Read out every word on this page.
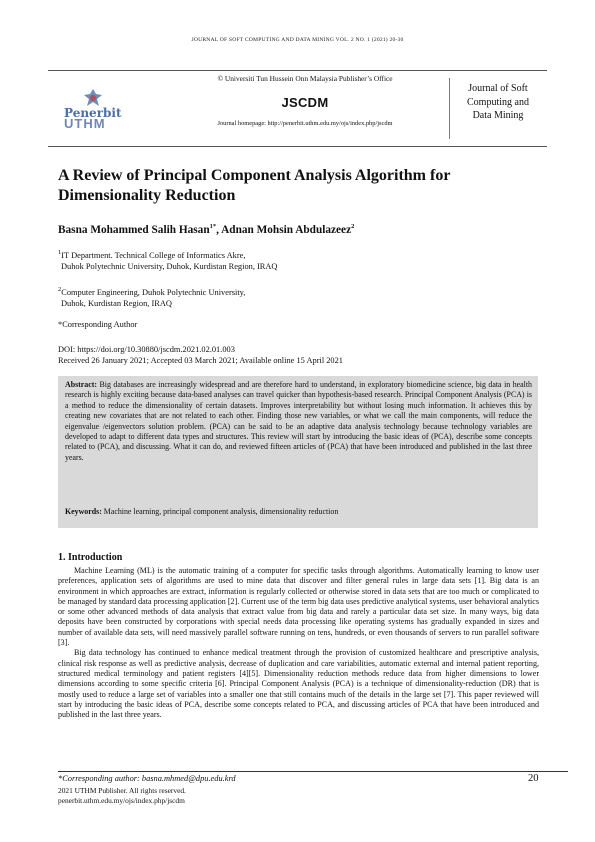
JOURNAL OF SOFT COMPUTING AND DATA MINING VOL. 2 NO. 1 (2021) 20-30
Penerbit
UTHM
© Universiti Tun Hussein Onn Malaysia Publisher’s Office
JSCDM
Journal homepage: http://penerbit.uthm.edu.my/ojs/index.php/jscdm
Journal of Soft
Computing and
Data Mining
A Review of Principal Component Analysis Algorithm for Dimensionality Reduction
Basna Mohammed Salih Hasan$^{1*}$, Adnan Mohsin Abdulazeez$^2$
$^1$IT Department. Technical College of Informatics Akre,
Duhok Polytechnic University, Duhok, Kurdistan Region, IRAQ
$^2$Computer Engineering, Duhok Polytechnic University,
Duhok, Kurdistan Region, IRAQ
*Corresponding Author
DOI: https://doi.org/10.30880/jscdm.2021.02.01.003
Received 26 January 2021; Accepted 03 March 2021; Available online 15 April 2021
Abstract: Big databases are increasingly widespread and are therefore hard to understand, in exploratory biomedicine science, big data in health research is highly exciting because data-based analyses can travel quicker than hypothesis-based research. Principal Component Analysis (PCA) is a method to reduce the dimensionality of certain datasets. Improves interpretability but without losing much information. It achieves this by creating new covariates that are not related to each other. Finding those new variables, or what we call the main components, will reduce the eigenvalue /eigenvectors solution problem. (PCA) can be said to be an adaptive data analysis technology because technology variables are developed to adapt to different data types and structures. This review will start by introducing the basic ideas of (PCA), describe some concepts related to (PCA), and discussing. What it can do, and reviewed fifteen articles of (PCA) that have been introduced and published in the last three years.
Keywords: Machine learning, principal component analysis, dimensionality reduction
1. Introduction

Machine Learning (ML) is the automatic training of a computer for specific tasks through algorithms. Automatically learning to know user preferences, application sets of algorithms are used to mine data that discover and filter general rules in large data sets [1]. Big data is an environment in which approaches are extract, information is regularly collected or otherwise stored in data sets that are too much or complicated to be managed by standard data processing application [2]. Current use of the term big data uses predictive analytical systems, user behavioral analytics or some other advanced methods of data analysis that extract value from big data and rarely a particular data set size. In many ways, big data deposits have been constructed by corporations with special needs data processing like operating systems has gradually expanded in sizes and number of available data sets, will need massively parallel software running on tens, hundreds, or even thousands of servers to run parallel software [3].

Big data technology has continued to enhance medical treatment through the provision of customized healthcare and prescriptive analysis, clinical risk response as well as predictive analysis, decrease of duplication and care variabilities, automatic external and internal patient reporting, structured medical terminology and patient registers [4][5]. Dimensionality reduction methods reduce data from higher dimensions to lower dimensions according to some specific criteria [6]. Principal Component Analysis (PCA) is a technique of dimensionality-reduction (DR) that is mostly used to reduce a large set of variables into a smaller one that still contains much of the details in the large set [7]. This paper reviewed will start by introducing the basic ideas of PCA, describe some concepts related to PCA, and discussing articles of PCA that have been introduced and published in the last three years.

*Corresponding author: basna.mhmed@dpu.edu.krd	20
2021 UTHM Publisher. All rights reserved.
penerbit.uthm.edu.my/ojs/index.php/jscdm
